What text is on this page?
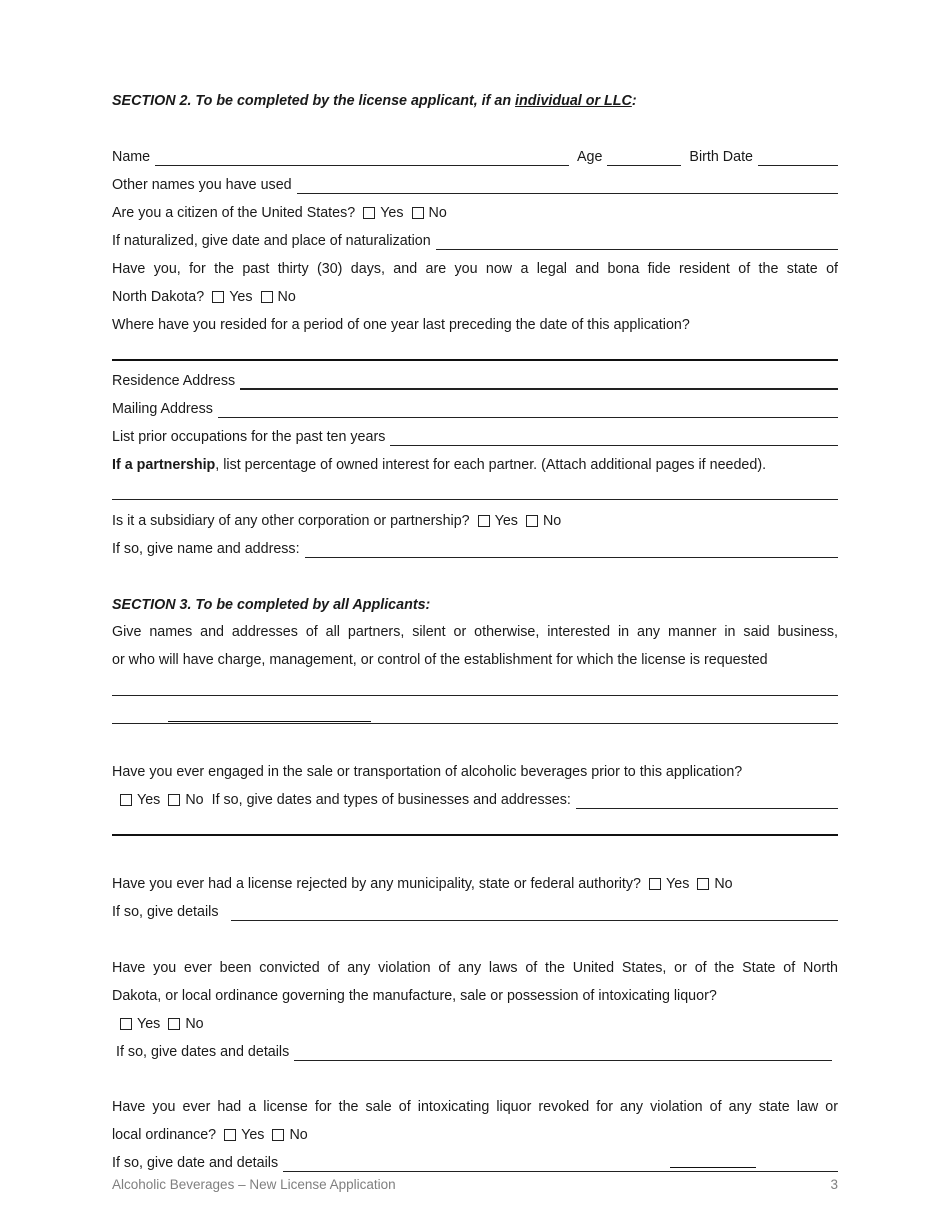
SECTION 2. To be completed by the license applicant, if an individual or LLC:
Name	Age	Birth Date
Other names you have used
Are you a citizen of the United States? Yes No
If naturalized, give date and place of naturalization
Have you, for the past thirty (30) days, and are you now a legal and bona fide resident of the state of
North Dakota? Yes No
Where have you resided for a period of one year last preceding the date of this application?
Residence Address
Mailing Address
List prior occupations for the past ten years
If a partnership, list percentage of owned interest for each partner. (Attach additional pages if needed).
Is it a subsidiary of any other corporation or partnership? Yes No
If so, give name and address:
SECTION 3. To be completed by all Applicants:
Give names and addresses of all partners, silent or otherwise, interested in any manner in said business,
or who will have charge, management, or control of the establishment for which the license is requested
Have you ever engaged in the sale or transportation of alcoholic beverages prior to this application?
Yes No If so, give dates and types of businesses and addresses:
Have you ever had a license rejected by any municipality, state or federal authority? Yes No
If so, give details
Have you ever been convicted of any violation of any laws of the United States, or of the State of North
Dakota, or local ordinance governing the manufacture, sale or possession of intoxicating liquor?
Yes No
If so, give dates and details
Have you ever had a license for the sale of intoxicating liquor revoked for any violation of any state law or
local ordinance? Yes No
If so, give date and details
Alcoholic Beverages – New License Application	3
